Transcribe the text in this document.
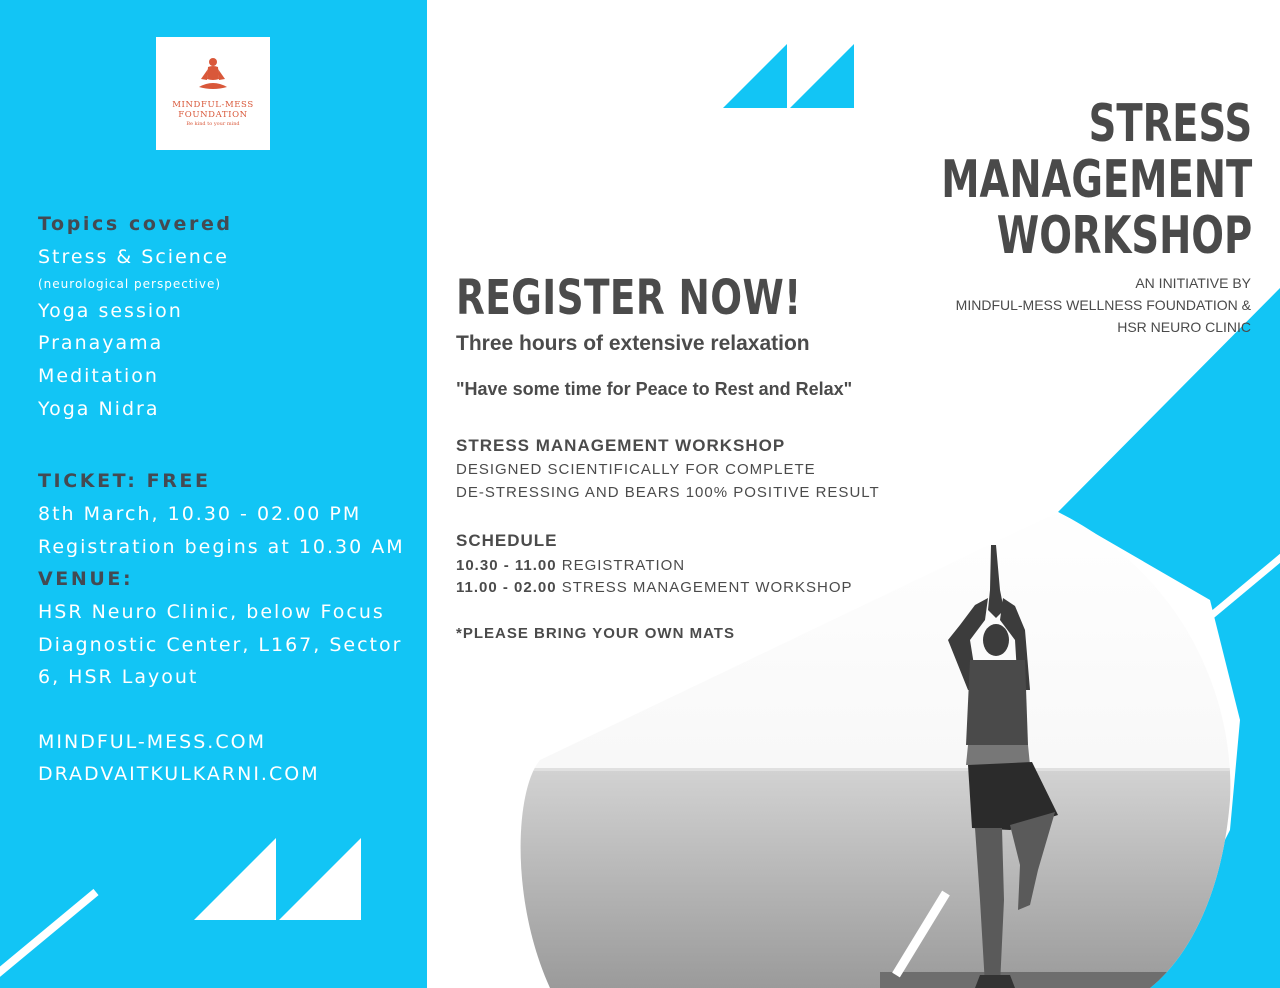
MINDFUL-MESS
FOUNDATION
Be kind to your mind
Topics covered
Stress & Science
(neurological perspective)
Yoga session
Pranayama
Meditation
Yoga Nidra
TICKET: FREE
8th March, 10.30 - 02.00 PM
Registration begins at 10.30 AM
VENUE:
HSR Neuro Clinic, below Focus
Diagnostic Center, L167, Sector
6, HSR Layout
MINDFUL-MESS.COM
DRADVAITKULKARNI.COM
REGISTER NOW!
Three hours of extensive relaxation
"Have some time for Peace to Rest and Relax"
STRESS MANAGEMENT WORKSHOP
DESIGNED SCIENTIFICALLY FOR COMPLETE
DE-STRESSING AND BEARS 100% POSITIVE RESULT
SCHEDULE
10.30 - 11.00 REGISTRATION
11.00 - 02.00 STRESS MANAGEMENT WORKSHOP
*PLEASE BRING YOUR OWN MATS
STRESS
MANAGEMENT
WORKSHOP
AN INITIATIVE BY
MINDFUL-MESS WELLNESS FOUNDATION &
HSR NEURO CLINIC
